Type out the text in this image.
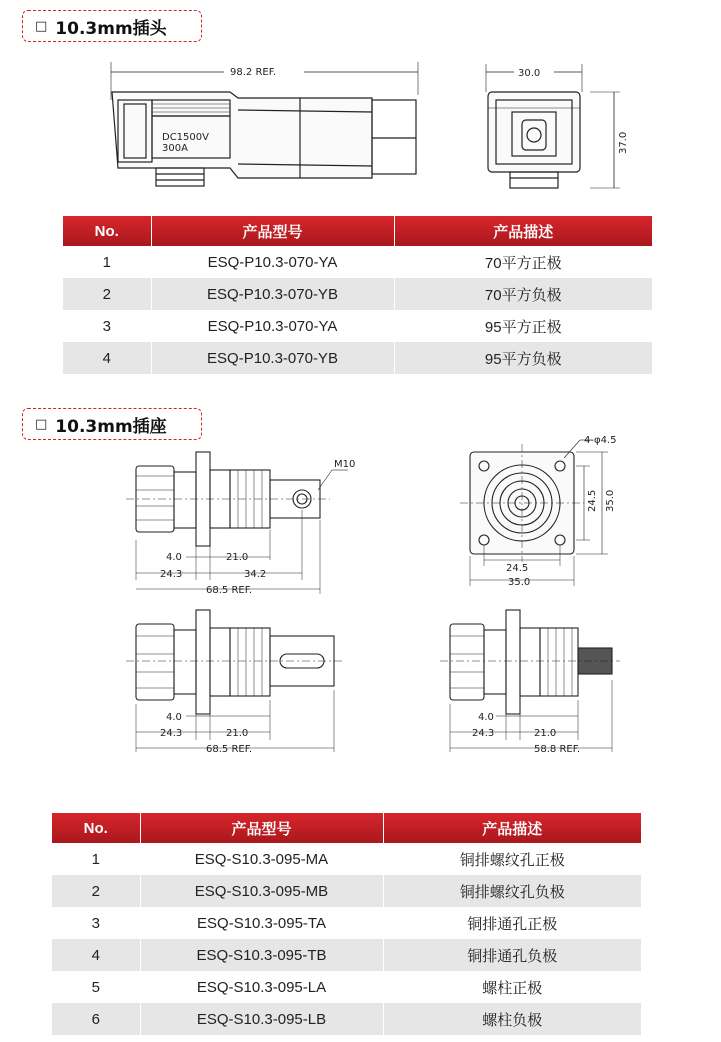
□ 10.3mm插头
DC1500V
300A
98.2 REF.	30.0
37.0
No.	产品型号	产品描述
1	ESQ-P10.3-070-YA	70平方正极
2	ESQ-P10.3-070-YB	70平方负极
3	ESQ-P10.3-070-YA	95平方正极
4	ESQ-P10.3-070-YB	95平方负极
□ 10.3mm插座
M10
4-φ4.5
4.0	21.0
24.3	34.2
68.5 REF.
24.5 35.0
24.5
35.0
4.0
21.0
24.3
68.5 REF.
4.0
21.0
24.3
58.8 REF.
No.	产品型号	产品描述
1	ESQ-S10.3-095-MA	铜排螺纹孔正极
2	ESQ-S10.3-095-MB	铜排螺纹孔负极
3	ESQ-S10.3-095-TA	铜排通孔正极
4	ESQ-S10.3-095-TB	铜排通孔负极
5	ESQ-S10.3-095-LA	螺柱正极
6	ESQ-S10.3-095-LB	螺柱负极
